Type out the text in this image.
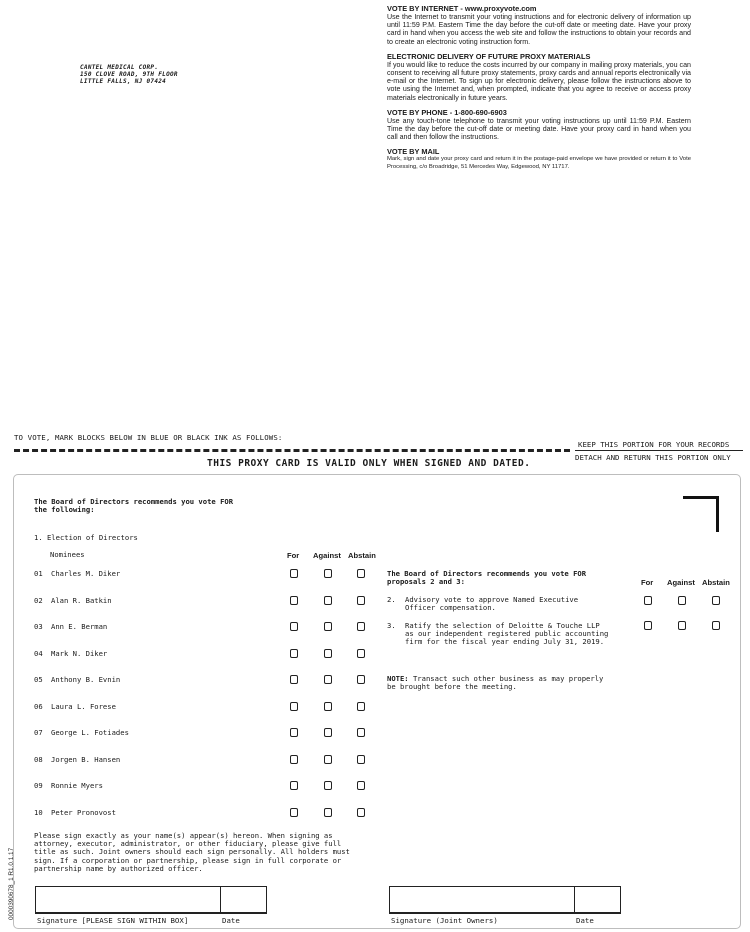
CANTEL MEDICAL CORP.
150 CLOVE ROAD, 9TH FLOOR
LITTLE FALLS, NJ 07424
VOTE BY INTERNET - www.proxyvote.com

Use the Internet to transmit your voting instructions and for electronic delivery of information up until 11:59 P.M. Eastern Time the day before the cut-off date or meeting date. Have your proxy card in hand when you access the web site and follow the instructions to obtain your records and to create an electronic voting instruction form.

ELECTRONIC DELIVERY OF FUTURE PROXY MATERIALS

If you would like to reduce the costs incurred by our company in mailing proxy materials, you can consent to receiving all future proxy statements, proxy cards and annual reports electronically via e-mail or the Internet. To sign up for electronic delivery, please follow the instructions above to vote using the Internet and, when prompted, indicate that you agree to receive or access proxy materials electronically in future years.

VOTE BY PHONE - 1-800-690-6903

Use any touch-tone telephone to transmit your voting instructions up until 11:59 P.M. Eastern Time the day before the cut-off date or meeting date. Have your proxy card in hand when you call and then follow the instructions.

VOTE BY MAIL

Mark, sign and date your proxy card and return it in the postage-paid envelope we have provided or return it to Vote Processing, c/o Broadridge, 51 Mercedes Way, Edgewood, NY 11717.

TO VOTE, MARK BLOCKS BELOW IN BLUE OR BLACK INK AS FOLLOWS:
KEEP THIS PORTION FOR YOUR RECORDS
DETACH AND RETURN THIS PORTION ONLY
THIS PROXY CARD IS VALID ONLY WHEN SIGNED AND DATED.
The Board of Directors recommends you vote FOR
the following:
1. Election of Directors
Nominees	For Against Abstain
01 Charles M. Diker
02 Alan R. Batkin
03 Ann E. Berman
04 Mark N. Diker
05 Anthony B. Evnin
06 Laura L. Forese
07 George L. Fotiades
08 Jorgen B. Hansen
09 Ronnie Myers
10 Peter Pronovost
The Board of Directors recommends you vote FOR
proposals 2 and 3:	For Against Abstain
2. Advisory vote to approve Named Executive
Officer compensation.
3. Ratify the selection of Deloitte & Touche LLP
as our independent registered public accounting
firm for the fiscal year ending July 31, 2019.
NOTE: Transact such other business as may properly
be brought before the meeting.
Please sign exactly as your name(s) appear(s) hereon. When signing as
attorney, executor, administrator, or other fiduciary, please give full
title as such. Joint owners should each sign personally. All holders must
sign. If a corporation or partnership, please sign in full corporate or
partnership name by authorized officer.
Signature [PLEASE SIGN WITHIN BOX]	Date	Signature (Joint Owners)	Date
0000390678_1 R1.0.1.17
